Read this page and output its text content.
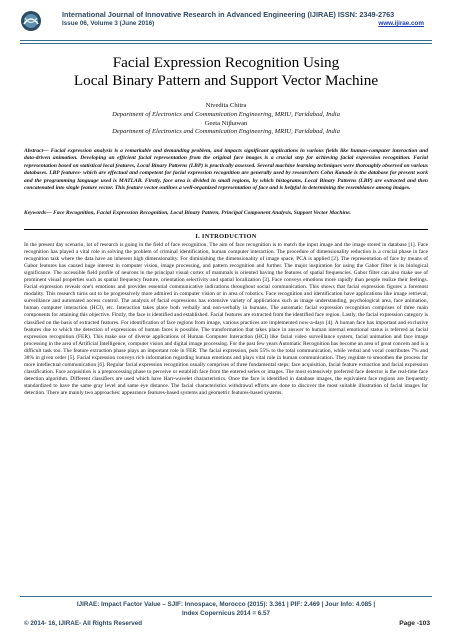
International Journal of Innovative Research in Advanced Engineering (IJIRAE) ISSN: 2349-2763
Issue 06, Volume 3 (June 2016)	www.ijirae.com
Facial Expression Recognition Using
Local Binary Pattern and Support Vector Machine
Nivedita Chitra
Department of Electronics and Communication Engineering, MRIU, Faridabad, India
Geeta Nijhawan
Department of Electronics and Communication Engineering, MRIU, Faridabad, India
Abstract— Facial expression analysis is a remarkable and demanding problem, and impacts significant applications in various fields like human-computer interaction and data-driven animation. Developing an efficient facial representation from the original face images is a crucial step for achieving facial expression recognition. Facial representation based on statistical local features, Local Binary Patterns (LBP) is practically assessed. Several machine learning techniques were thoroughly observed on various databases. LBP features- which are effectual and competent for facial expression recognition are generally used by researchers Cohn Kanade is the database for present work and the programming language used is MATLAB. Firstly, face area is divided in small regions, by which histograms, Local Binary Patterns (LBP) are extracted and then concatenated into single feature vector. This feature vector outlines a well-organized representation of face and is helpful in determining the resemblance among images.
Keywords— Face Recognition, Facial Expression Recognition, Local Binary Pattern, Principal Component Analysis, Support Vector Machine.
I. INTRODUCTION
In the present day scenario, lot of research is going in the field of face recognition. The aim of face recognition is to match the input image and the image stored in database [1]. Face recognition has played a vital role in solving the problem of criminal identification, human computer interaction. The procedure of dimensionality reduction is a crucial phase in face recognition task where the data have an inherent high dimensionality. For diminishing the dimensionality of image space, PCA is applied [2]. The representation of face by means of Gabor features has caused huge interest in computer vision, image processing, and pattern recognition and further. The major inspiration for using the Gabor filter is its biological significance. The accessible field profile of neurons in the principal visual cortex of mammals is oriented having the features of spatial frequencies. Gabor filter can also make use of prominent visual properties such as spatial frequency feature, orientation selectivity and spatial localization [3]. Face conveys emotions more rapidly than people realize their feelings. Facial expression reveals one's emotions and provides essential communicative indications throughout social communication. This shows that facial expression figures a foremost modality. This research turns out to be progressively more admired in computer vision or in area of robotics. Face recognition and identification have applications like image retrieval, surveillance and automated access control. The analysis of facial expressions has extensive variety of applications such as image understanding, psychological area, face animation, human computer interaction (HCI), etc. Interaction takes place both verbally and non-verbally in humans. The automatic facial expression recognition comprises of three main components for attaining this objective. Firstly, the face is identified and established. Facial features are extracted from the identified face region. Lastly, the facial expression category is classified on the basis of extracted features. For identification of face regions from image, various practices are implemented now-a-days [4]. A human face has important and exclusive features due to which the detection of expressions of human faces is possible. The transformation that takes place in answer to human internal emotional status is referred as facial expression recognition (FER). This make use of diverse applications of Human Computer Interaction (HCI) like facial video surveillance system, facial animation and face image processing in the area of Artificial Intelligence, computer vision and digital image processing. For the past few years Automatic Recognition has become an area of great concern and is a difficult task too. The feature extraction phase plays an important role in FER. The facial expression, puts 55% to the total communication, while verbal and vocal contributes 7% and 38% in given order [5]. Facial expression conveys rich information regarding human emotions and plays vital role in human communication. They regulate to smoothen the process for more intellectual communication [6]. Regular facial expression recognition usually comprises of three fundamental steps: face acquisition, facial feature extraction and facial expression classification. Face acquisition is a preprocessing phase to perceive or establish face from the entered series or images. The most extensively preferred face detector is the real-time face detection algorithm. Different classifiers are used which have Harr-wavelet characteristics. Once the face is identified in database images, the equivalent face regions are frequently standardized to have the same gray level and same eye distance. The facial characteristics withdrawal efforts are done to discover the most suitable illustration of facial images for detection. There are mainly two approaches: appearance features-based systems and geometric features-based systems.
IJIRAE: Impact Factor Value – SJIF: Innospace, Morocco (2015): 3.361 | PIF: 2.469 | Jour Info: 4.085 |
Index Copernicus 2014 = 6.57
© 2014- 16, IJIRAE- All Rights Reserved	Page -103
